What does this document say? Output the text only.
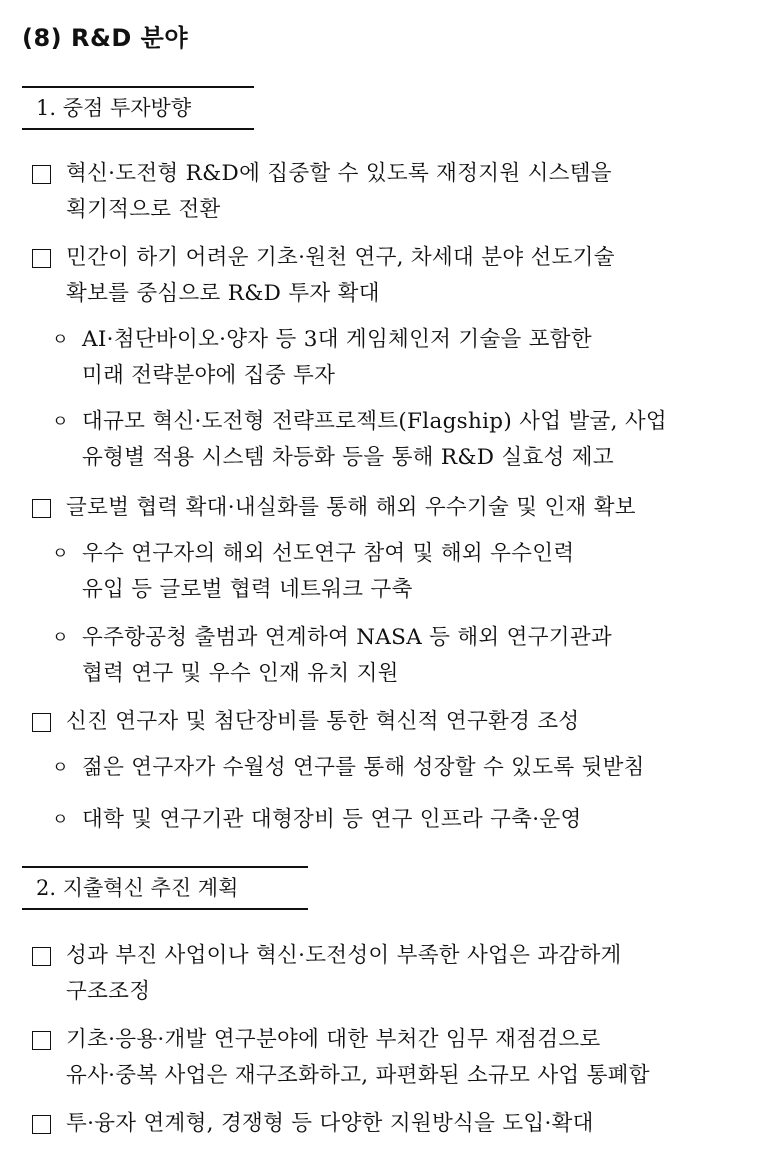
(8) R&D 분야
1. 중점 투자방향
혁신·도전형 R&D에 집중할 수 있도록 재정지원 시스템을
획기적으로 전환
민간이 하기 어려운 기초·원천 연구, 차세대 분야 선도기술
확보를 중심으로 R&D 투자 확대
ㅇ AI·첨단바이오·양자 등 3대 게임체인저 기술을 포함한
미래 전략분야에 집중 투자
ㅇ 대규모 혁신·도전형 전략프로젝트(Flagship) 사업 발굴, 사업
유형별 적용 시스템 차등화 등을 통해 R&D 실효성 제고
글로벌 협력 확대·내실화를 통해 해외 우수기술 및 인재 확보
ㅇ 우수 연구자의 해외 선도연구 참여 및 해외 우수인력
유입 등 글로벌 협력 네트워크 구축
ㅇ 우주항공청 출범과 연계하여 NASA 등 해외 연구기관과
협력 연구 및 우수 인재 유치 지원
신진 연구자 및 첨단장비를 통한 혁신적 연구환경 조성
ㅇ 젊은 연구자가 수월성 연구를 통해 성장할 수 있도록 뒷받침
ㅇ 대학 및 연구기관 대형장비 등 연구 인프라 구축·운영
2. 지출혁신 추진 계획
성과 부진 사업이나 혁신·도전성이 부족한 사업은 과감하게
구조조정
기초·응용·개발 연구분야에 대한 부처간 임무 재점검으로
유사·중복 사업은 재구조화하고, 파편화된 소규모 사업 통폐합
투·융자 연계형, 경쟁형 등 다양한 지원방식을 도입·확대
